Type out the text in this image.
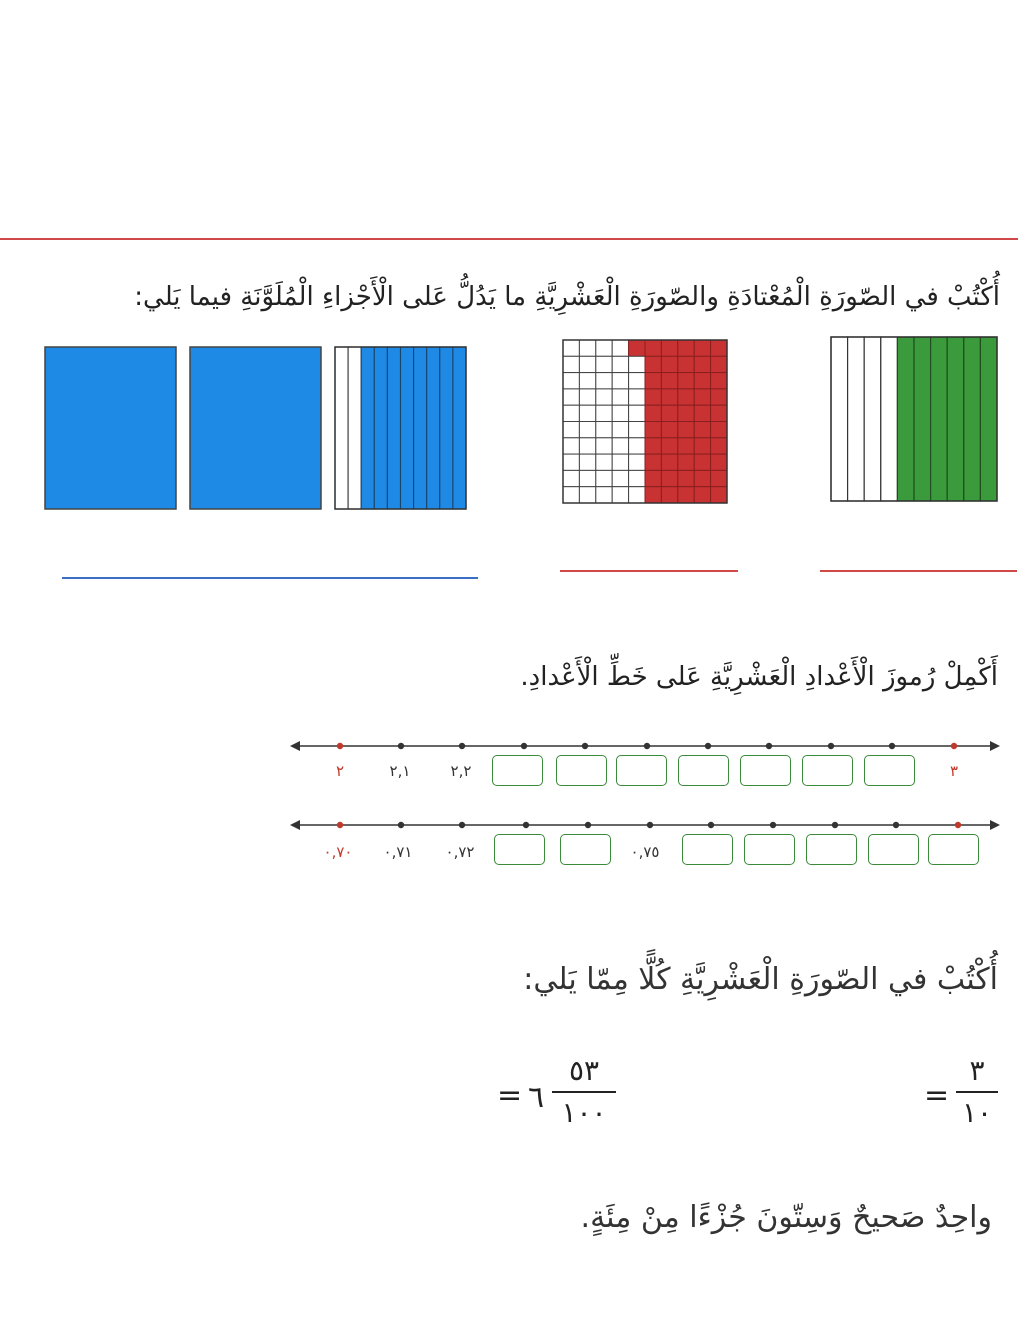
أُكْتُبْ في الصّورَةِ الْمُعْتادَةِ والصّورَةِ الْعَشْرِيَّةِ ما يَدُلُّ عَلى الْأَجْزاءِ الْمُلَوَّنَةِ فيما يَلي:
أَكْمِلْ رُموزَ الْأَعْدادِ الْعَشْرِيَّةِ عَلى خَطِّ الْأَعْدادِ.
٢	٢,١	٢,٢	٣
٠,٧٠ ٠,٧١ ٠,٧٢	٠,٧٥
أُكْتُبْ في الصّورَةِ الْعَشْرِيَّةِ كُلًّا مِمّا يَلي:
٣
١٠
=
٥٣
١٠٠
٦
=
واحِدٌ صَحيحٌ وَسِتّونَ جُزْءًا مِنْ مِئَةٍ.
